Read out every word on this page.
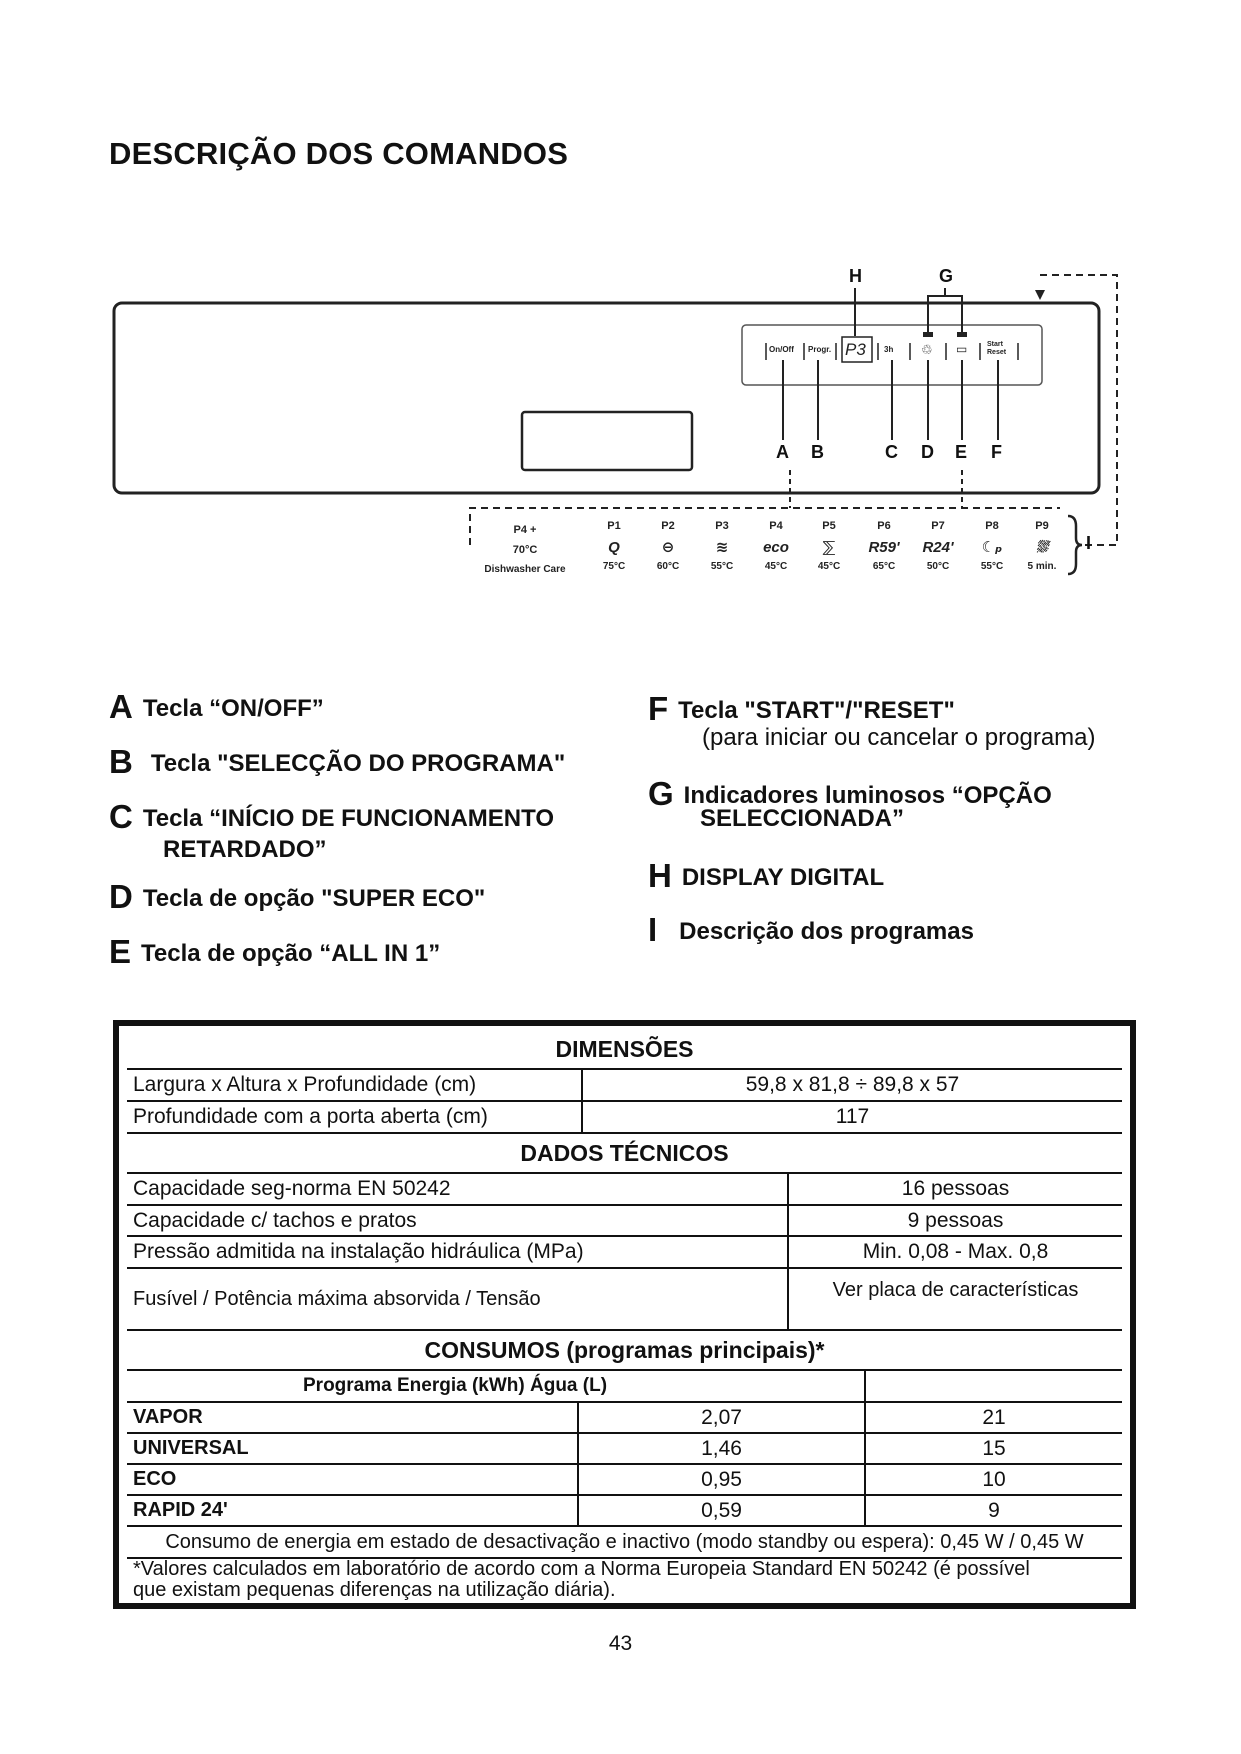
DESCRIÇÃO DOS COMANDOS
On/Off Progr. P3 3h ♲ ▭	Start Reset
H	G
A B	C D E F
I
P4 +
70°C
Dishwasher Care
P1
Q
75°C
P2
⊖
60°C
P3
≋
55°C
P4
eco
45°C
P5
⅀
45°C
P6
R59'
65°C
P7
R24'
50°C
P8
☾ₚ
55°C
P9
⛆
5 min.
A Tecla “ON/OFF”
B Tecla "SELECÇÃO DO PROGRAMA"
C Tecla “INÍCIO DE FUNCIONAMENTO
RETARDADO”
D Tecla de opção "SUPER ECO"
E Tecla de opção “ALL IN 1”
F Tecla "START"/"RESET"
(para iniciar ou cancelar o programa)
G Indicadores luminosos “OPÇÃO
SELECCIONADA”
H DISPLAY DIGITAL
I Descrição dos programas
DIMENSÕES
Largura x Altura x Profundidade (cm)	59,8 x 81,8 ÷ 89,8 x 57
Profundidade com a porta aberta (cm)	117
DADOS TÉCNICOS
Capacidade seg-norma EN 50242	16 pessoas
Capacidade c/ tachos e pratos	9 pessoas
Pressão admitida na instalação hidráulica (MPa)	Min. 0,08 - Max. 0,8
Fusível / Potência máxima absorvida / Tensão	Ver placa de características
CONSUMOS (programas principais)*
Programa Energia (kWh) Água (L)
VAPOR	2,07	21
UNIVERSAL	1,46	15
ECO	0,95	10
RAPID 24'	0,59	9
Consumo de energia em estado de desactivação e inactivo (modo standby ou espera): 0,45 W / 0,45 W
*Valores calculados em laboratório de acordo com a Norma Europeia Standard EN 50242 (é possível
que existam pequenas diferenças na utilização diária).
43
